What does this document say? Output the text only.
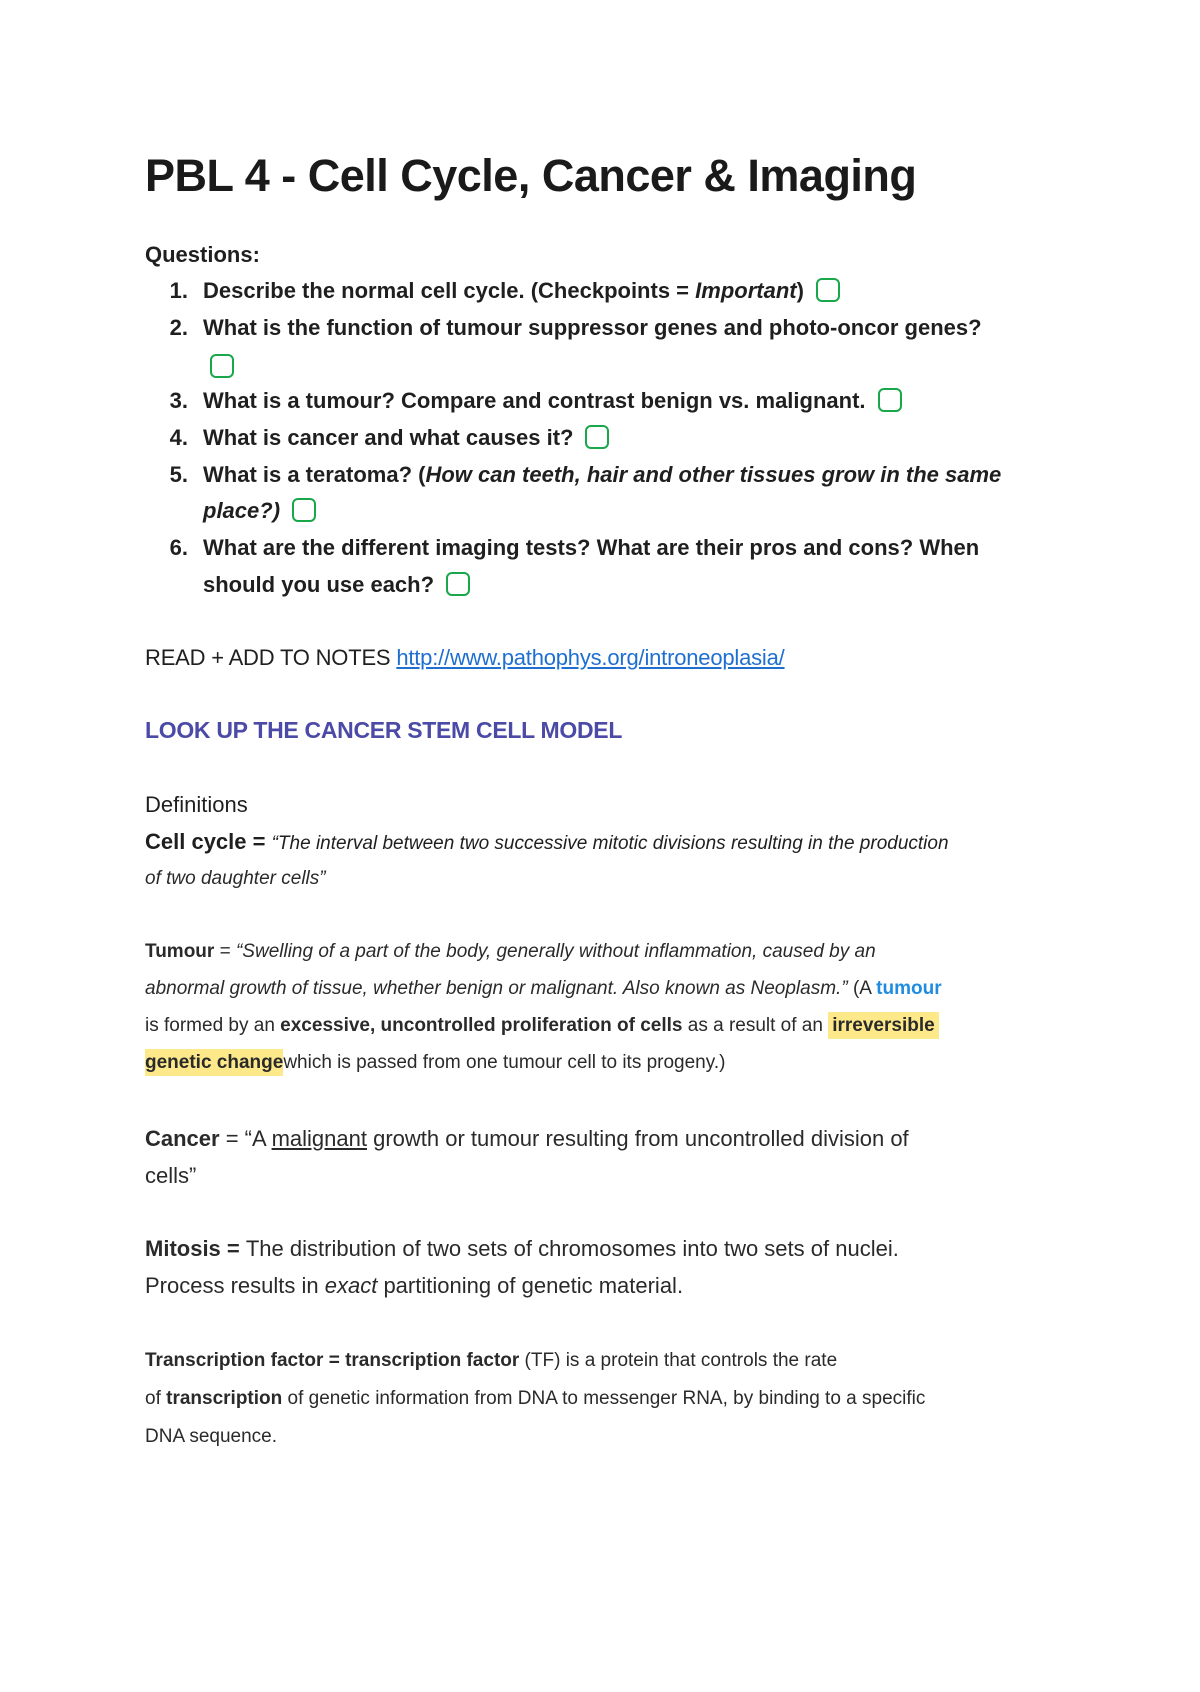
PBL 4 - Cell Cycle, Cancer & Imaging
Questions:
1. Describe the normal cell cycle. (Checkpoints = Important)
2. What is the function of tumour suppressor genes and photo-oncor genes?
3. What is a tumour? Compare and contrast benign vs. malignant.
4. What is cancer and what causes it?
5. What is a teratoma? (How can teeth, hair and other tissues grow in the same
place?)
6. What are the different imaging tests? What are their pros and cons? When
should you use each?
READ + ADD TO NOTES http://www.pathophys.org/introneoplasia/
LOOK UP THE CANCER STEM CELL MODEL
Definitions
Cell cycle = “The interval between two successive mitotic divisions resulting in the production
of two daughter cells”
Tumour = “Swelling of a part of the body, generally without inflammation, caused by an
abnormal growth of tissue, whether benign or malignant. Also known as Neoplasm.” (A tumour
is formed by an excessive, uncontrolled proliferation of cells as a result of an irreversible
genetic changewhich is passed from one tumour cell to its progeny.)
Cancer = “A malignant growth or tumour resulting from uncontrolled division of
cells”
Mitosis = The distribution of two sets of chromosomes into two sets of nuclei.
Process results in exact partitioning of genetic material.
Transcription factor = transcription factor (TF) is a protein that controls the rate
of transcription of genetic information from DNA to messenger RNA, by binding to a specific
DNA sequence.
